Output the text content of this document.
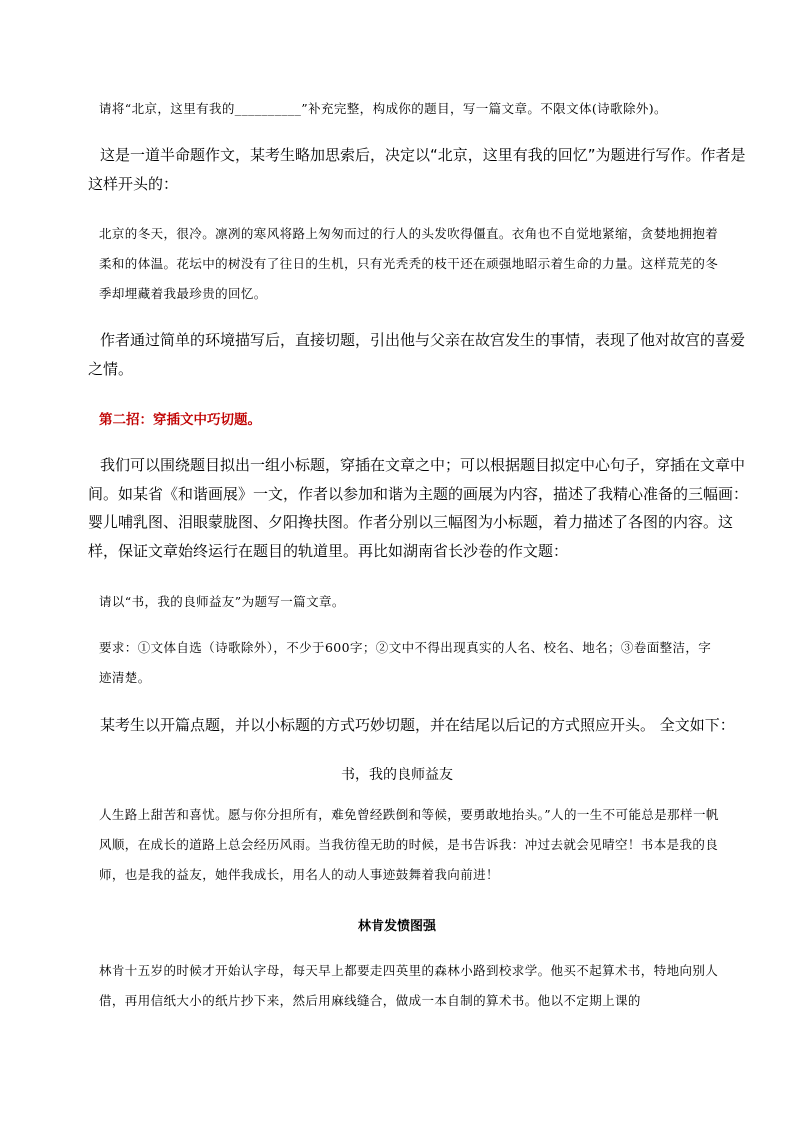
请将“北京，这里有我的__________”补充完整，构成你的题目，写一篇文章。不限文体(诗歌除外)。
这是一道半命题作文，某考生略加思索后，决定以“北京，这里有我的回忆”为题进行写作。作者是这样开头的：
北京的冬天，很冷。凛冽的寒风将路上匆匆而过的行人的头发吹得僵直。衣角也不自觉地紧缩，贪婪地拥抱着柔和的体温。花坛中的树没有了往日的生机，只有光秃秃的枝干还在顽强地昭示着生命的力量。这样荒芜的冬季却埋藏着我最珍贵的回忆。
作者通过简单的环境描写后，直接切题，引出他与父亲在故宫发生的事情，表现了他对故宫的喜爱之情。
第二招：穿插文中巧切题。
我们可以围绕题目拟出一组小标题，穿插在文章之中；可以根据题目拟定中心句子，穿插在文章中间。如某省《和谐画展》一文，作者以参加和谐为主题的画展为内容，描述了我精心准备的三幅画：婴儿哺乳图、泪眼蒙胧图、夕阳搀扶图。作者分别以三幅图为小标题，着力描述了各图的内容。这样，保证文章始终运行在题目的轨道里。再比如湖南省长沙卷的作文题：
请以“书，我的良师益友”为题写一篇文章。
要求：①文体自选（诗歌除外），不少于600字；②文中不得出现真实的人名、校名、地名；③卷面整洁，字迹清楚。
某考生以开篇点题，并以小标题的方式巧妙切题，并在结尾以后记的方式照应开头。 全文如下：
书，我的良师益友
人生路上甜苦和喜忧。愿与你分担所有，难免曾经跌倒和等候，要勇敢地抬头。”人的一生不可能总是那样一帆风顺，在成长的道路上总会经历风雨。当我彷徨无助的时候，是书告诉我：冲过去就会见晴空！书本是我的良师，也是我的益友，她伴我成长，用名人的动人事迹鼓舞着我向前进！
林肯发愤图强
林肯十五岁的时候才开始认字母，每天早上都要走四英里的森林小路到校求学。他买不起算术书，特地向别人借，再用信纸大小的纸片抄下来，然后用麻线缝合，做成一本自制的算术书。他以不定期上课的
